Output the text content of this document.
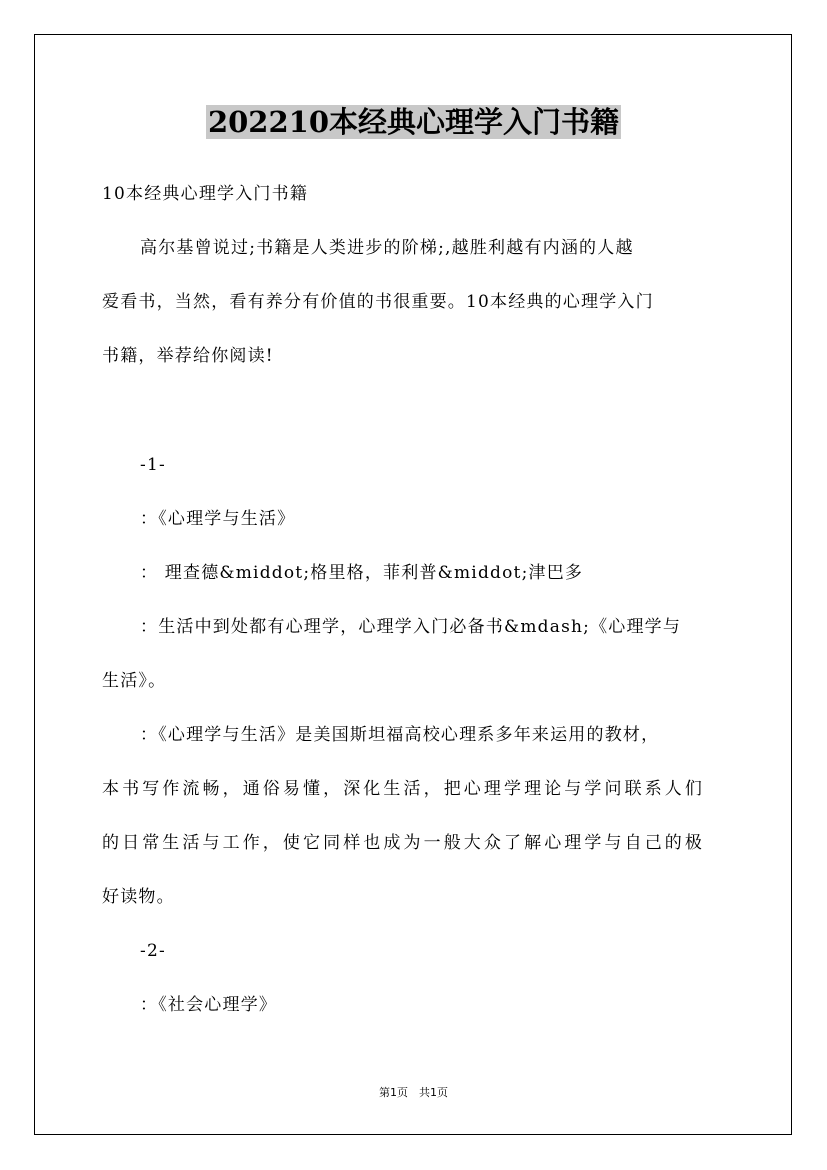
202210本经典心理学入门书籍
10本经典心理学入门书籍
高尔基曾说过;书籍是人类进步的阶梯;,越胜利越有内涵的人越
爱看书，当然，看有养分有价值的书很重要。10本经典的心理学入门
书籍，举荐给你阅读!
-1-
：《心理学与生活》
： 理查德&middot;格里格，菲利普&middot;津巴多
：生活中到处都有心理学，心理学入门必备书&mdash;《心理学与
生活》。
：《心理学与生活》是美国斯坦福高校心理系多年来运用的教材，
本书写作流畅，通俗易懂，深化生活，把心理学理论与学问联系人们
的日常生活与工作，使它同样也成为一般大众了解心理学与自己的极
好读物。
-2-
：《社会心理学》
第1页　共1页
